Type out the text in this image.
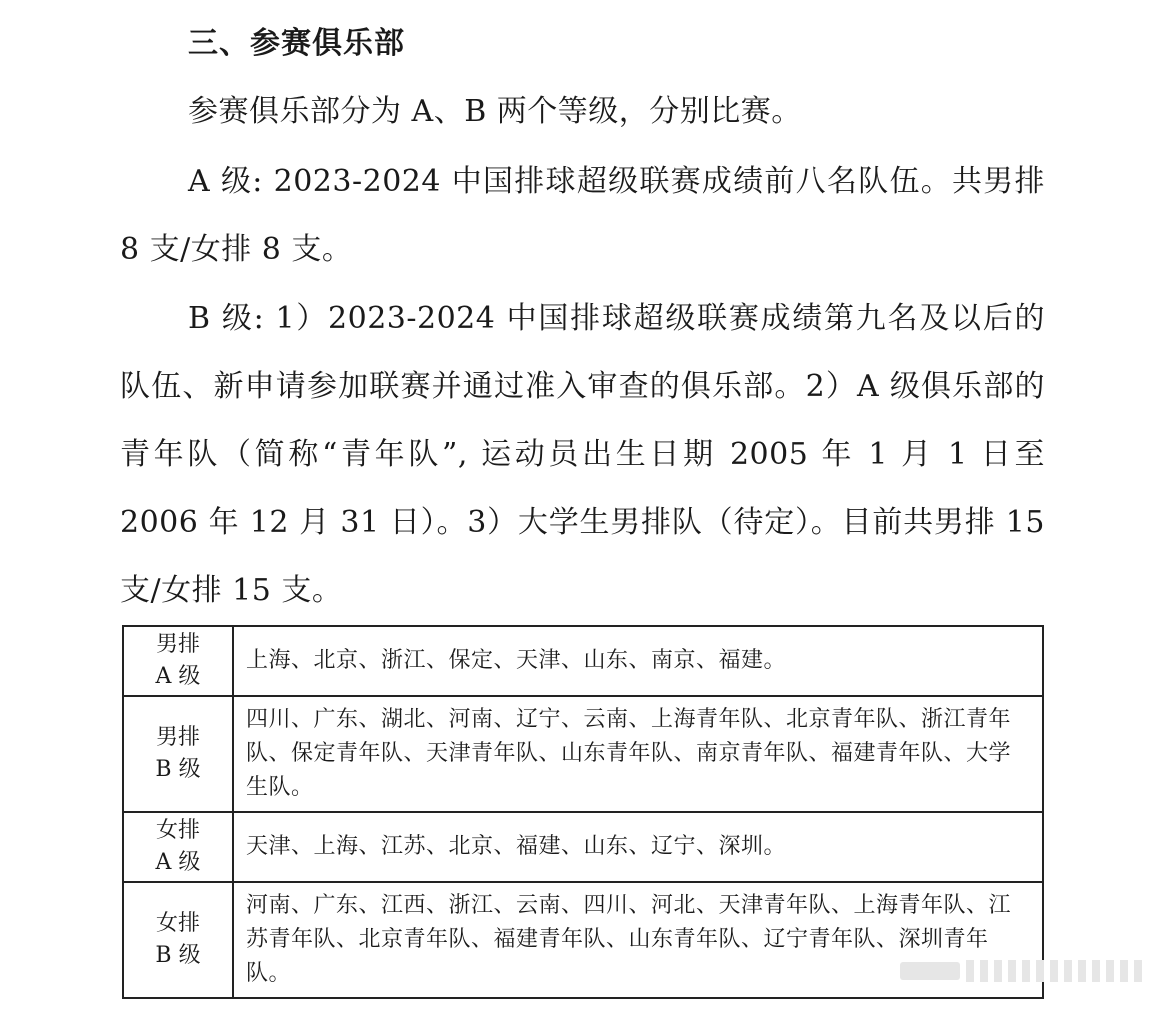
三、参赛俱乐部

参赛俱乐部分为 A、B 两个等级，分别比赛。

A 级: 2023-2024 中国排球超级联赛成绩前八名队伍。共男排 8 支/女排 8 支。

B 级: 1）2023-2024 中国排球超级联赛成绩第九名及以后的队伍、新申请参加联赛并通过准入审查的俱乐部。2）A 级俱乐部的青年队（简称“青年队”, 运动员出生日期 2005 年 1 月 1 日至 2006 年 12 月 31 日）。3）大学生男排队（待定）。目前共男排 15 支/女排 15 支。

男排
A 级	上海、北京、浙江、保定、天津、山东、南京、福建。

男排
B 级	四川、广东、湖北、河南、辽宁、云南、上海青年队、北京青年队、浙江青年队、保定青年队、天津青年队、山东青年队、南京青年队、福建青年队、大学生队。

女排
A 级	天津、上海、江苏、北京、福建、山东、辽宁、深圳。

女排
B 级	河南、广东、江西、浙江、云南、四川、河北、天津青年队、上海青年队、江苏青年队、北京青年队、福建青年队、山东青年队、辽宁青年队、深圳青年队。
